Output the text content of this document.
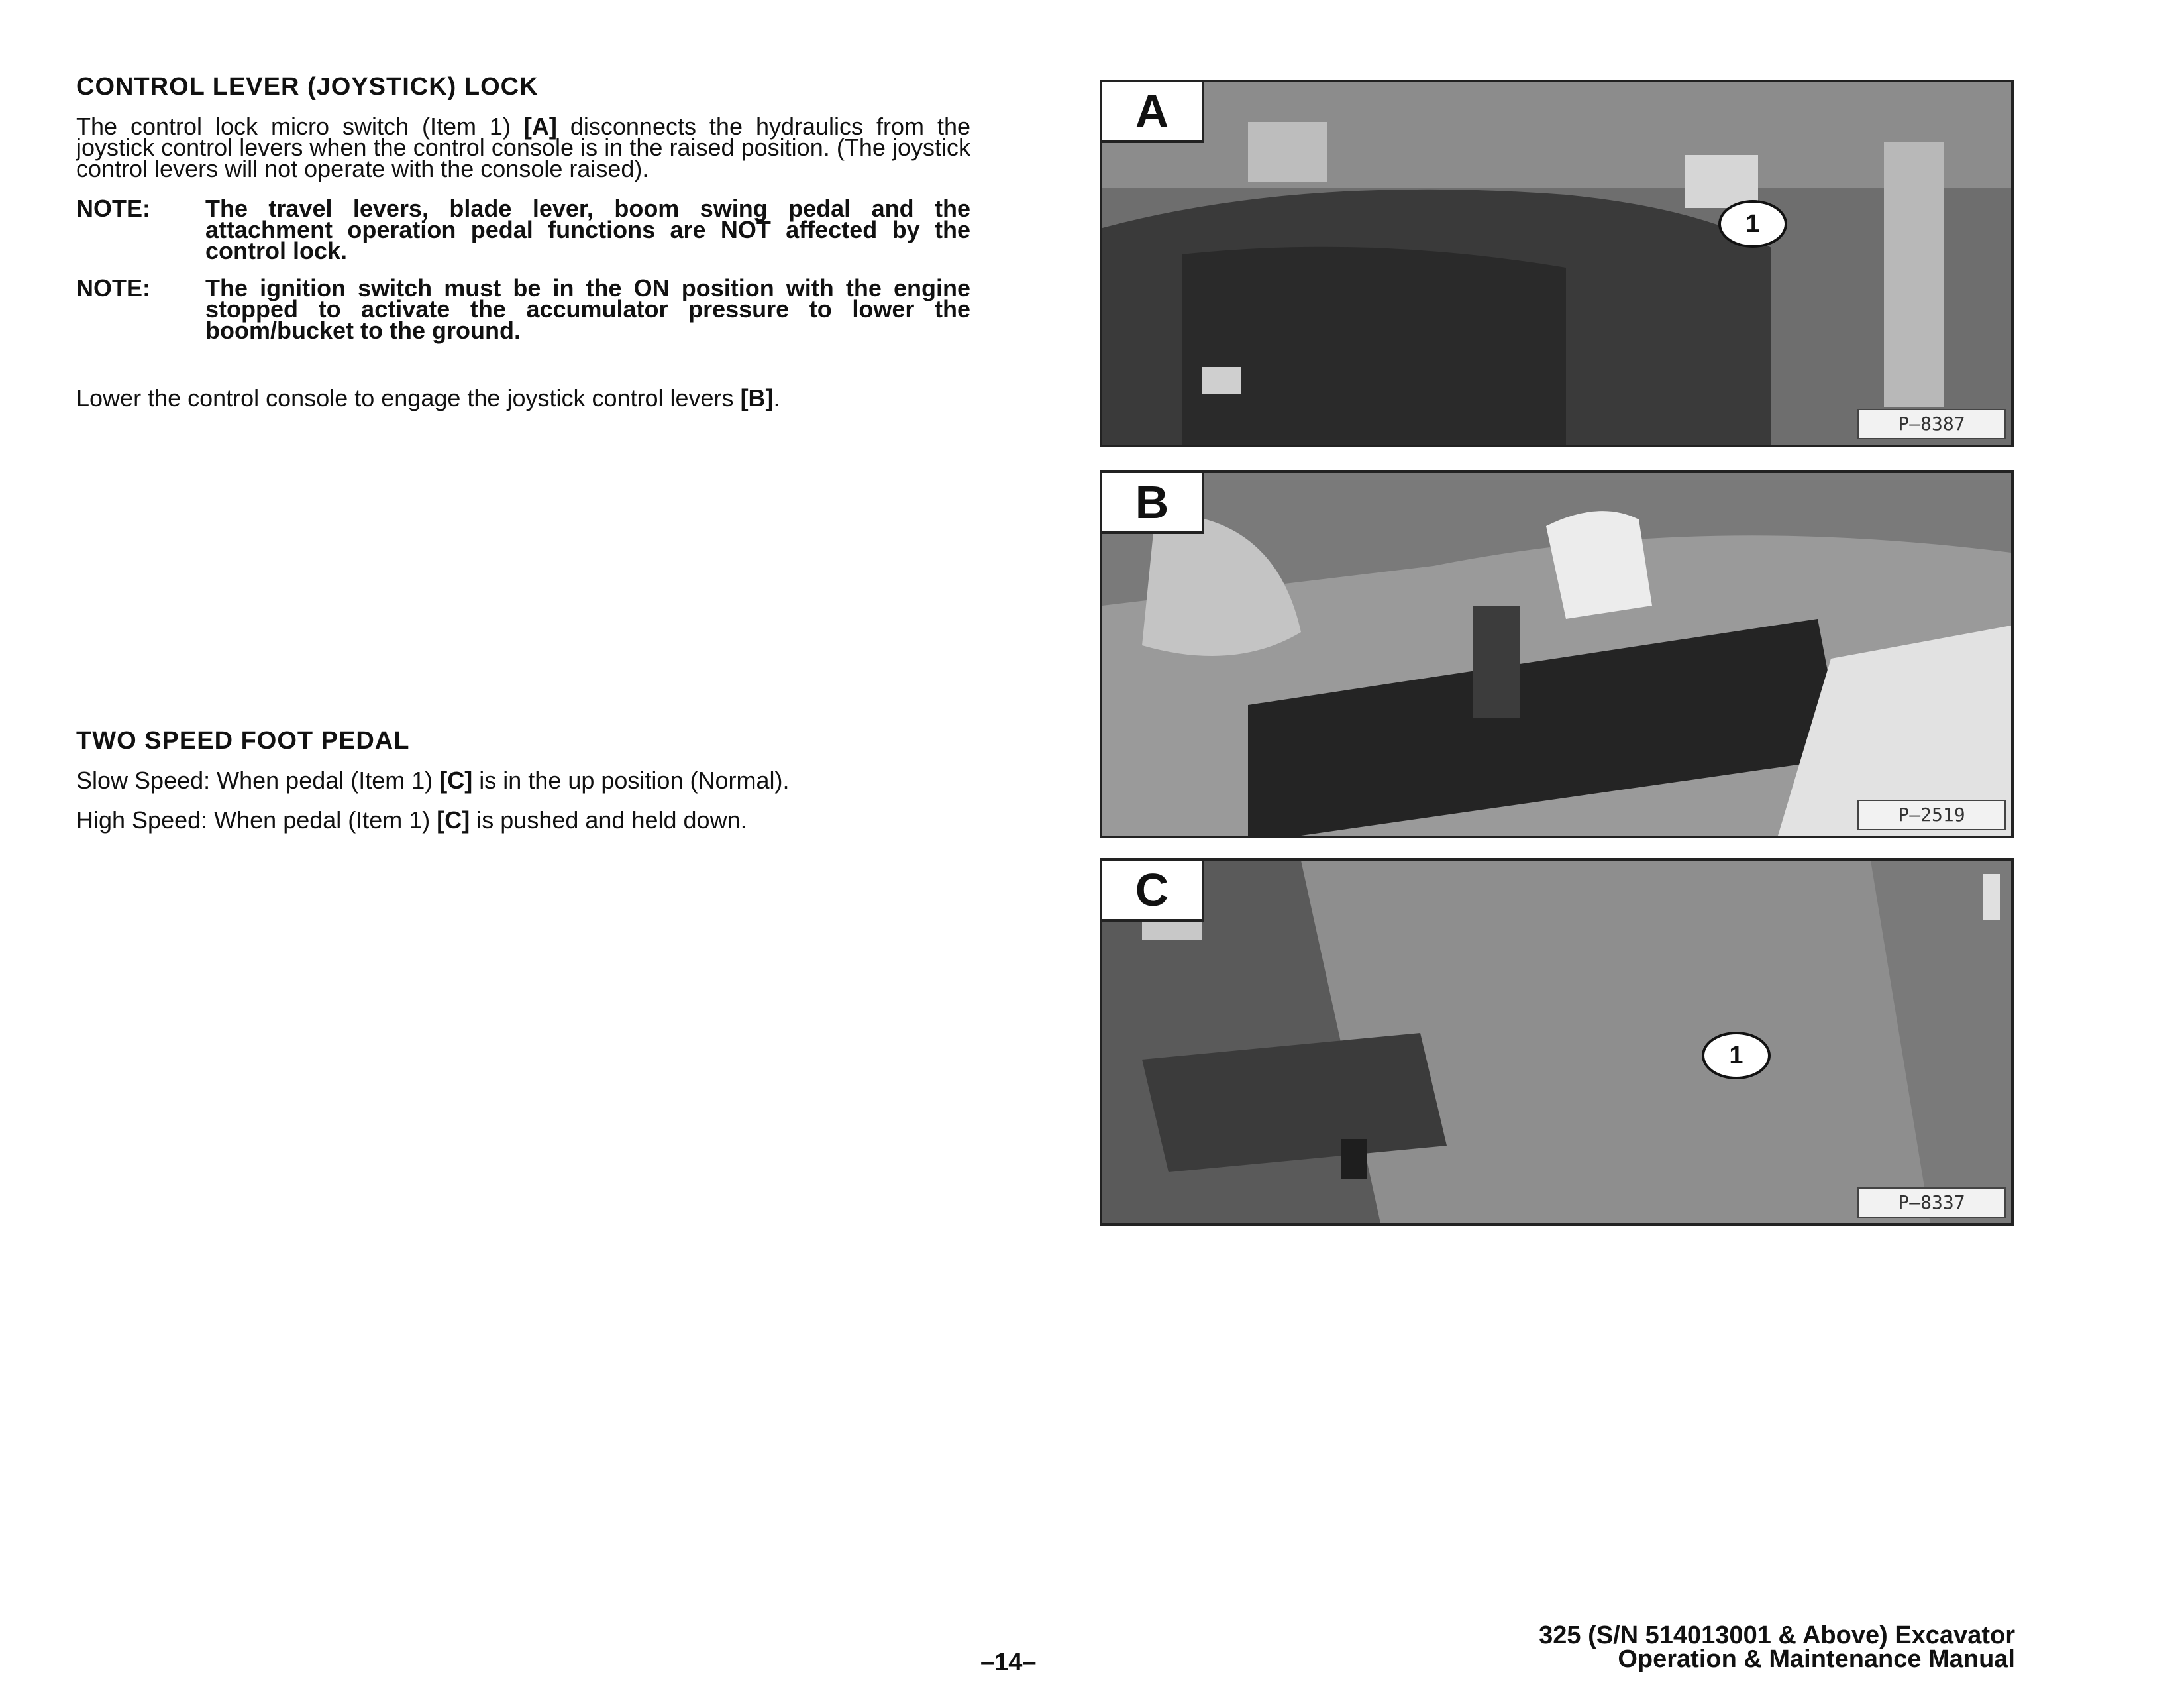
CONTROL LEVER (JOYSTICK) LOCK

The control lock micro switch (Item 1) [A] disconnects the hydraulics from the joystick control levers when the control console is in the raised position. (The joystick control levers will not operate with the console raised).

NOTE:	The travel levers, blade lever, boom swing pedal and the attachment operation pedal functions are NOT affected by the control lock.
NOTE:	The ignition switch must be in the ON position with the engine stopped to activate the accumulator pressure to lower the boom/bucket to the ground.

Lower the control console to engage the joystick control levers [B].

TWO SPEED FOOT PEDAL

Slow Speed: When pedal (Item 1) [C] is in the up position (Normal).

High Speed: When pedal (Item 1) [C] is pushed and held down.

A
1
P–8387
B
P–2519
C
1
P–8337
–14–
325 (S/N 514013001 & Above) Excavator
Operation & Maintenance Manual
